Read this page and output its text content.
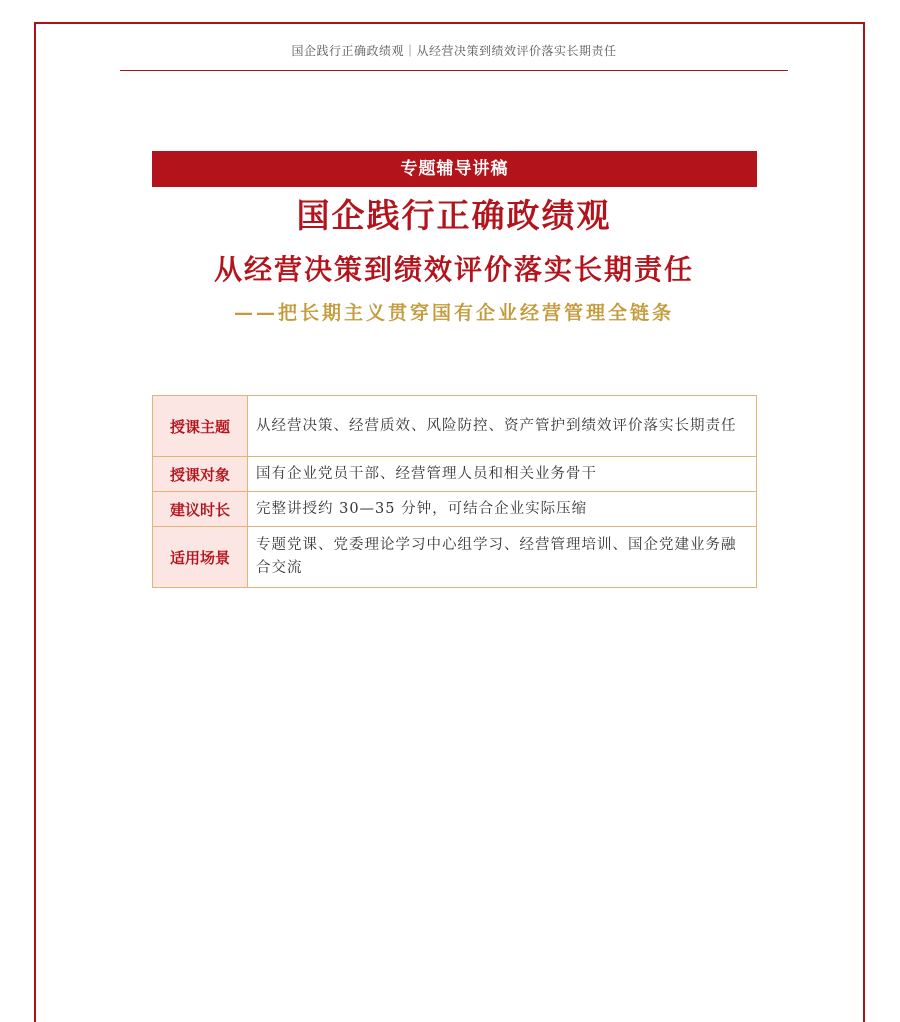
国企践行正确政绩观｜从经营决策到绩效评价落实长期责任
专题辅导讲稿
国企践行正确政绩观
从经营决策到绩效评价落实长期责任
——把长期主义贯穿国有企业经营管理全链条
授课主题	从经营决策、经营质效、风险防控、资产管护到绩效评价落实长期责任
授课对象	国有企业党员干部、经营管理人员和相关业务骨干
建议时长	完整讲授约 30—35 分钟，可结合企业实际压缩
适用场景	专题党课、党委理论学习中心组学习、经营管理培训、国企党建业务融合交流
